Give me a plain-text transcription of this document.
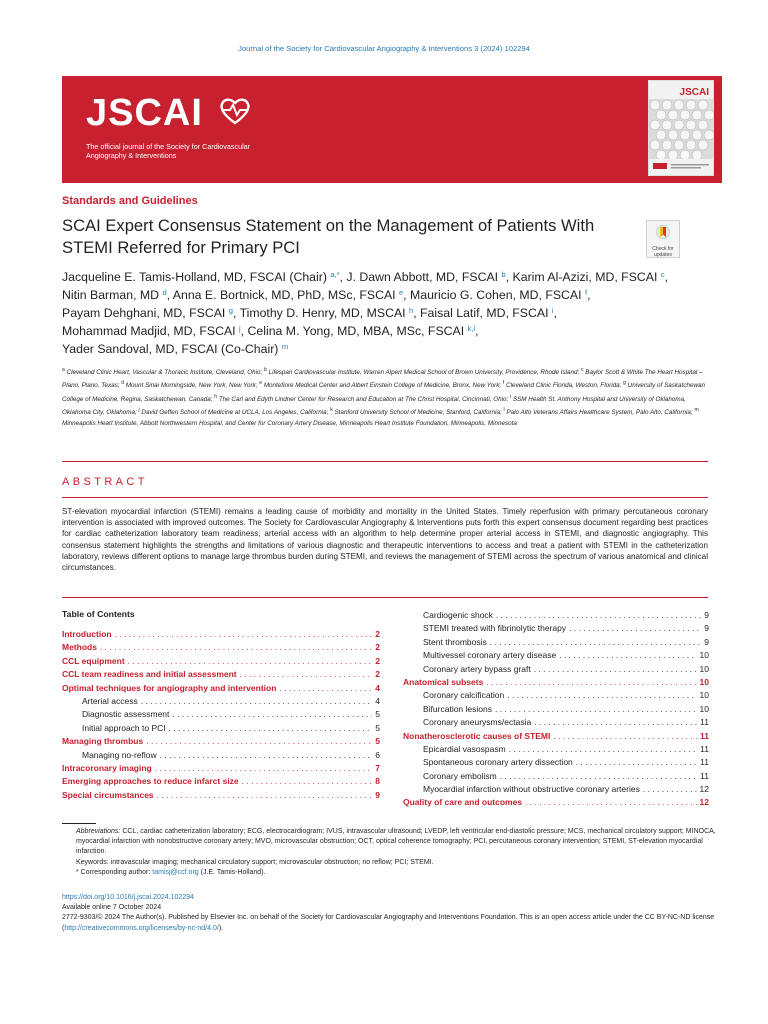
Journal of the Society for Cardiovascular Angiography & Interventions 3 (2024) 102294
JSCAI
The official journal of the Society for Cardiovascular Angiography & Interventions
JSCAI
Standards and Guidelines
SCAI Expert Consensus Statement on the Management of Patients With STEMI Referred for Primary PCI	Check for updates
Jacqueline E. Tamis-Holland, MD, FSCAI (Chair) $^{a,*}$, J. Dawn Abbott, MD, FSCAI $^b$, Karim Al-Azizi, MD, FSCAI $^c$, Nitin Barman, MD $^d$, Anna E. Bortnick, MD, PhD, MSc, FSCAI $^e$, Mauricio G. Cohen, MD, FSCAI $^f$, Payam Dehghani, MD, FSCAI $^g$, Timothy D. Henry, MD, MSCAI $^h$, Faisal Latif, MD, FSCAI $^i$, Mohammad Madjid, MD, FSCAI $^j$, Celina M. Yong, MD, MBA, MSc, FSCAI $^{k,l}$, Yader Sandoval, MD, FSCAI (Co-Chair) $^m$
$^a$ Cleveland Clinic Heart, Vascular & Thoracic Institute, Cleveland, Ohio; $^b$ Lifespan Cardiovascular Institute, Warren Alpert Medical School of Brown University, Providence, Rhode Island; $^c$ Baylor Scott & White The Heart Hospital – Plano, Plano, Texas; $^d$ Mount Sinai Morningside, New York, New York; $^e$ Montefiore Medical Center and Albert Einstein College of Medicine, Bronx, New York; $^f$ Cleveland Clinic Florida, Weston, Florida; $^g$ University of Saskatchewan College of Medicine, Regina, Saskatchewan, Canada; $^h$ The Carl and Edyth Lindner Center for Research and Education at The Christ Hospital, Cincinnati, Ohio; $^i$ SSM Health St. Anthony Hospital and University of Oklahoma, Oklahoma City, Oklahoma; $^j$ David Geffen School of Medicine at UCLA, Los Angeles, California; $^k$ Stanford University School of Medicine, Stanford, California; $^l$ Palo Alto Veterans Affairs Healthcare System, Palo Alto, California; $^m$ Minneapolis Heart Institute, Abbott Northwestern Hospital, and Center for Coronary Artery Disease, Minneapolis Heart Institute Foundation, Minneapolis, Minnesota
ABSTRACT
ST-elevation myocardial infarction (STEMI) remains a leading cause of morbidity and mortality in the United States. Timely reperfusion with primary percutaneous coronary intervention is associated with improved outcomes. The Society for Cardiovascular Angiography & Interventions puts forth this expert consensus document regarding best practices for cardiac catheterization laboratory team readiness, arterial access with an algorithm to help determine proper arterial access in STEMI, and diagnostic angiography. This consensus statement highlights the strengths and limitations of various diagnostic and therapeutic interventions to access and treat a patient with STEMI in the catheterization laboratory, reviews different options to manage large thrombus burden during STEMI, and reviews the management of STEMI across the spectrum of various anatomical and clinical circumstances.
Table of Contents
Introduction . . .	2
Methods . . .	2
CCL equipment . . .	2
CCL team readiness and initial assessment . . .	2
Optimal techniques for angiography and intervention . . .	4
Arterial access . . .	4
Diagnostic assessment . . .	5
Initial approach to PCI . . .	5
Managing thrombus . . .	5
Managing no-reflow . . .	6
Intracoronary imaging . . .	7
Emerging approaches to reduce infarct size . . .	8
Special circumstances . . .	9
Cardiogenic shock . . .	9
STEMI treated with fibrinolytic therapy . . .	9
Stent thrombosis . . .	9
Multivessel coronary artery disease . . .	10
Coronary artery bypass graft . . .	10
Anatomical subsets . . .	10
Coronary calcification . . .	10
Bifurcation lesions . . .	10
Coronary aneurysms/ectasia . . .	11
Nonatherosclerotic causes of STEMI . . .	11
Epicardial vasospasm . . .	11
Spontaneous coronary artery dissection . . .	11
Coronary embolism . . .	11
Myocardial infarction without obstructive coronary arteries . . .	12
Quality of care and outcomes . . .	12
Abbreviations: CCL, cardiac catheterization laboratory; ECG, electrocardiogram; IVUS, intravascular ultrasound; LVEDP, left ventricular end-diastolic pressure; MCS, mechanical circulatory support; MINOCA, myocardial infarction with nonobstructive coronary artery; MVO, microvascular obstruction; OCT, optical coherence tomography; PCI, percutaneous coronary intervention; STEMI, ST-elevation myocardial infarction.
Keywords: intravascular imaging; mechanical circulatory support; microvascular obstruction; no reflow; PCI; STEMI.
* Corresponding author: tamisj@ccf.org (J.E. Tamis-Holland).
https://doi.org/10.1016/j.jscai.2024.102294
Available online 7 October 2024
2772-9303/© 2024 The Author(s). Published by Elsevier Inc. on behalf of the Society for Cardiovascular Angiography and Interventions Foundation. This is an open access article under the CC BY-NC-ND license (http://creativecommons.org/licenses/by-nc-nd/4.0/).
